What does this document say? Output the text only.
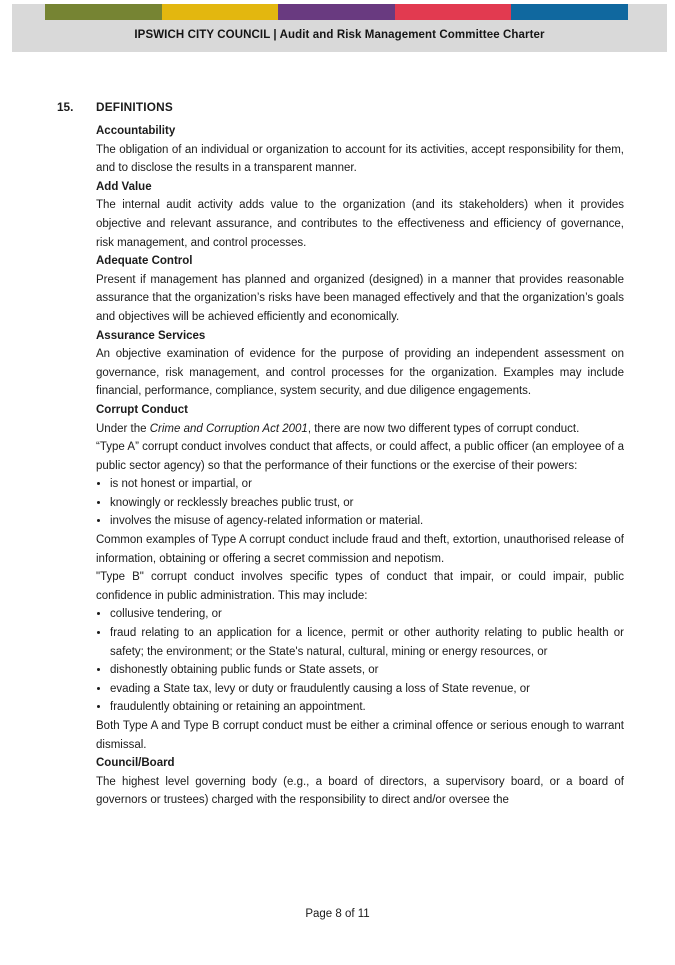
IPSWICH CITY COUNCIL | Audit and Risk Management Committee Charter
15. DEFINITIONS
Accountability

The obligation of an individual or organization to account for its activities, accept responsibility for them, and to disclose the results in a transparent manner.

Add Value

The internal audit activity adds value to the organization (and its stakeholders) when it provides objective and relevant assurance, and contributes to the effectiveness and efficiency of governance, risk management, and control processes.

Adequate Control

Present if management has planned and organized (designed) in a manner that provides reasonable assurance that the organization’s risks have been managed effectively and that the organization’s goals and objectives will be achieved efficiently and economically.

Assurance Services

An objective examination of evidence for the purpose of providing an independent assessment on governance, risk management, and control processes for the organization. Examples may include financial, performance, compliance, system security, and due diligence engagements.

Corrupt Conduct

Under the Crime and Corruption Act 2001, there are now two different types of corrupt conduct.

“Type A” corrupt conduct involves conduct that affects, or could affect, a public officer (an employee of a public sector agency) so that the performance of their functions or the exercise of their powers:

• is not honest or impartial, or
• knowingly or recklessly breaches public trust, or
• involves the misuse of agency-related information or material.

Common examples of Type A corrupt conduct include fraud and theft, extortion, unauthorised release of information, obtaining or offering a secret commission and nepotism.

"Type B" corrupt conduct involves specific types of conduct that impair, or could impair, public confidence in public administration. This may include:

• collusive tendering, or
• fraud relating to an application for a licence, permit or other authority relating to public health or safety; the environment; or the State's natural, cultural, mining or energy resources, or
• dishonestly obtaining public funds or State assets, or
• evading a State tax, levy or duty or fraudulently causing a loss of State revenue, or
• fraudulently obtaining or retaining an appointment.

Both Type A and Type B corrupt conduct must be either a criminal offence or serious enough to warrant dismissal.

Council/Board

The highest level governing body (e.g., a board of directors, a supervisory board, or a board of governors or trustees) charged with the responsibility to direct and/or oversee the

Page 8 of 11
